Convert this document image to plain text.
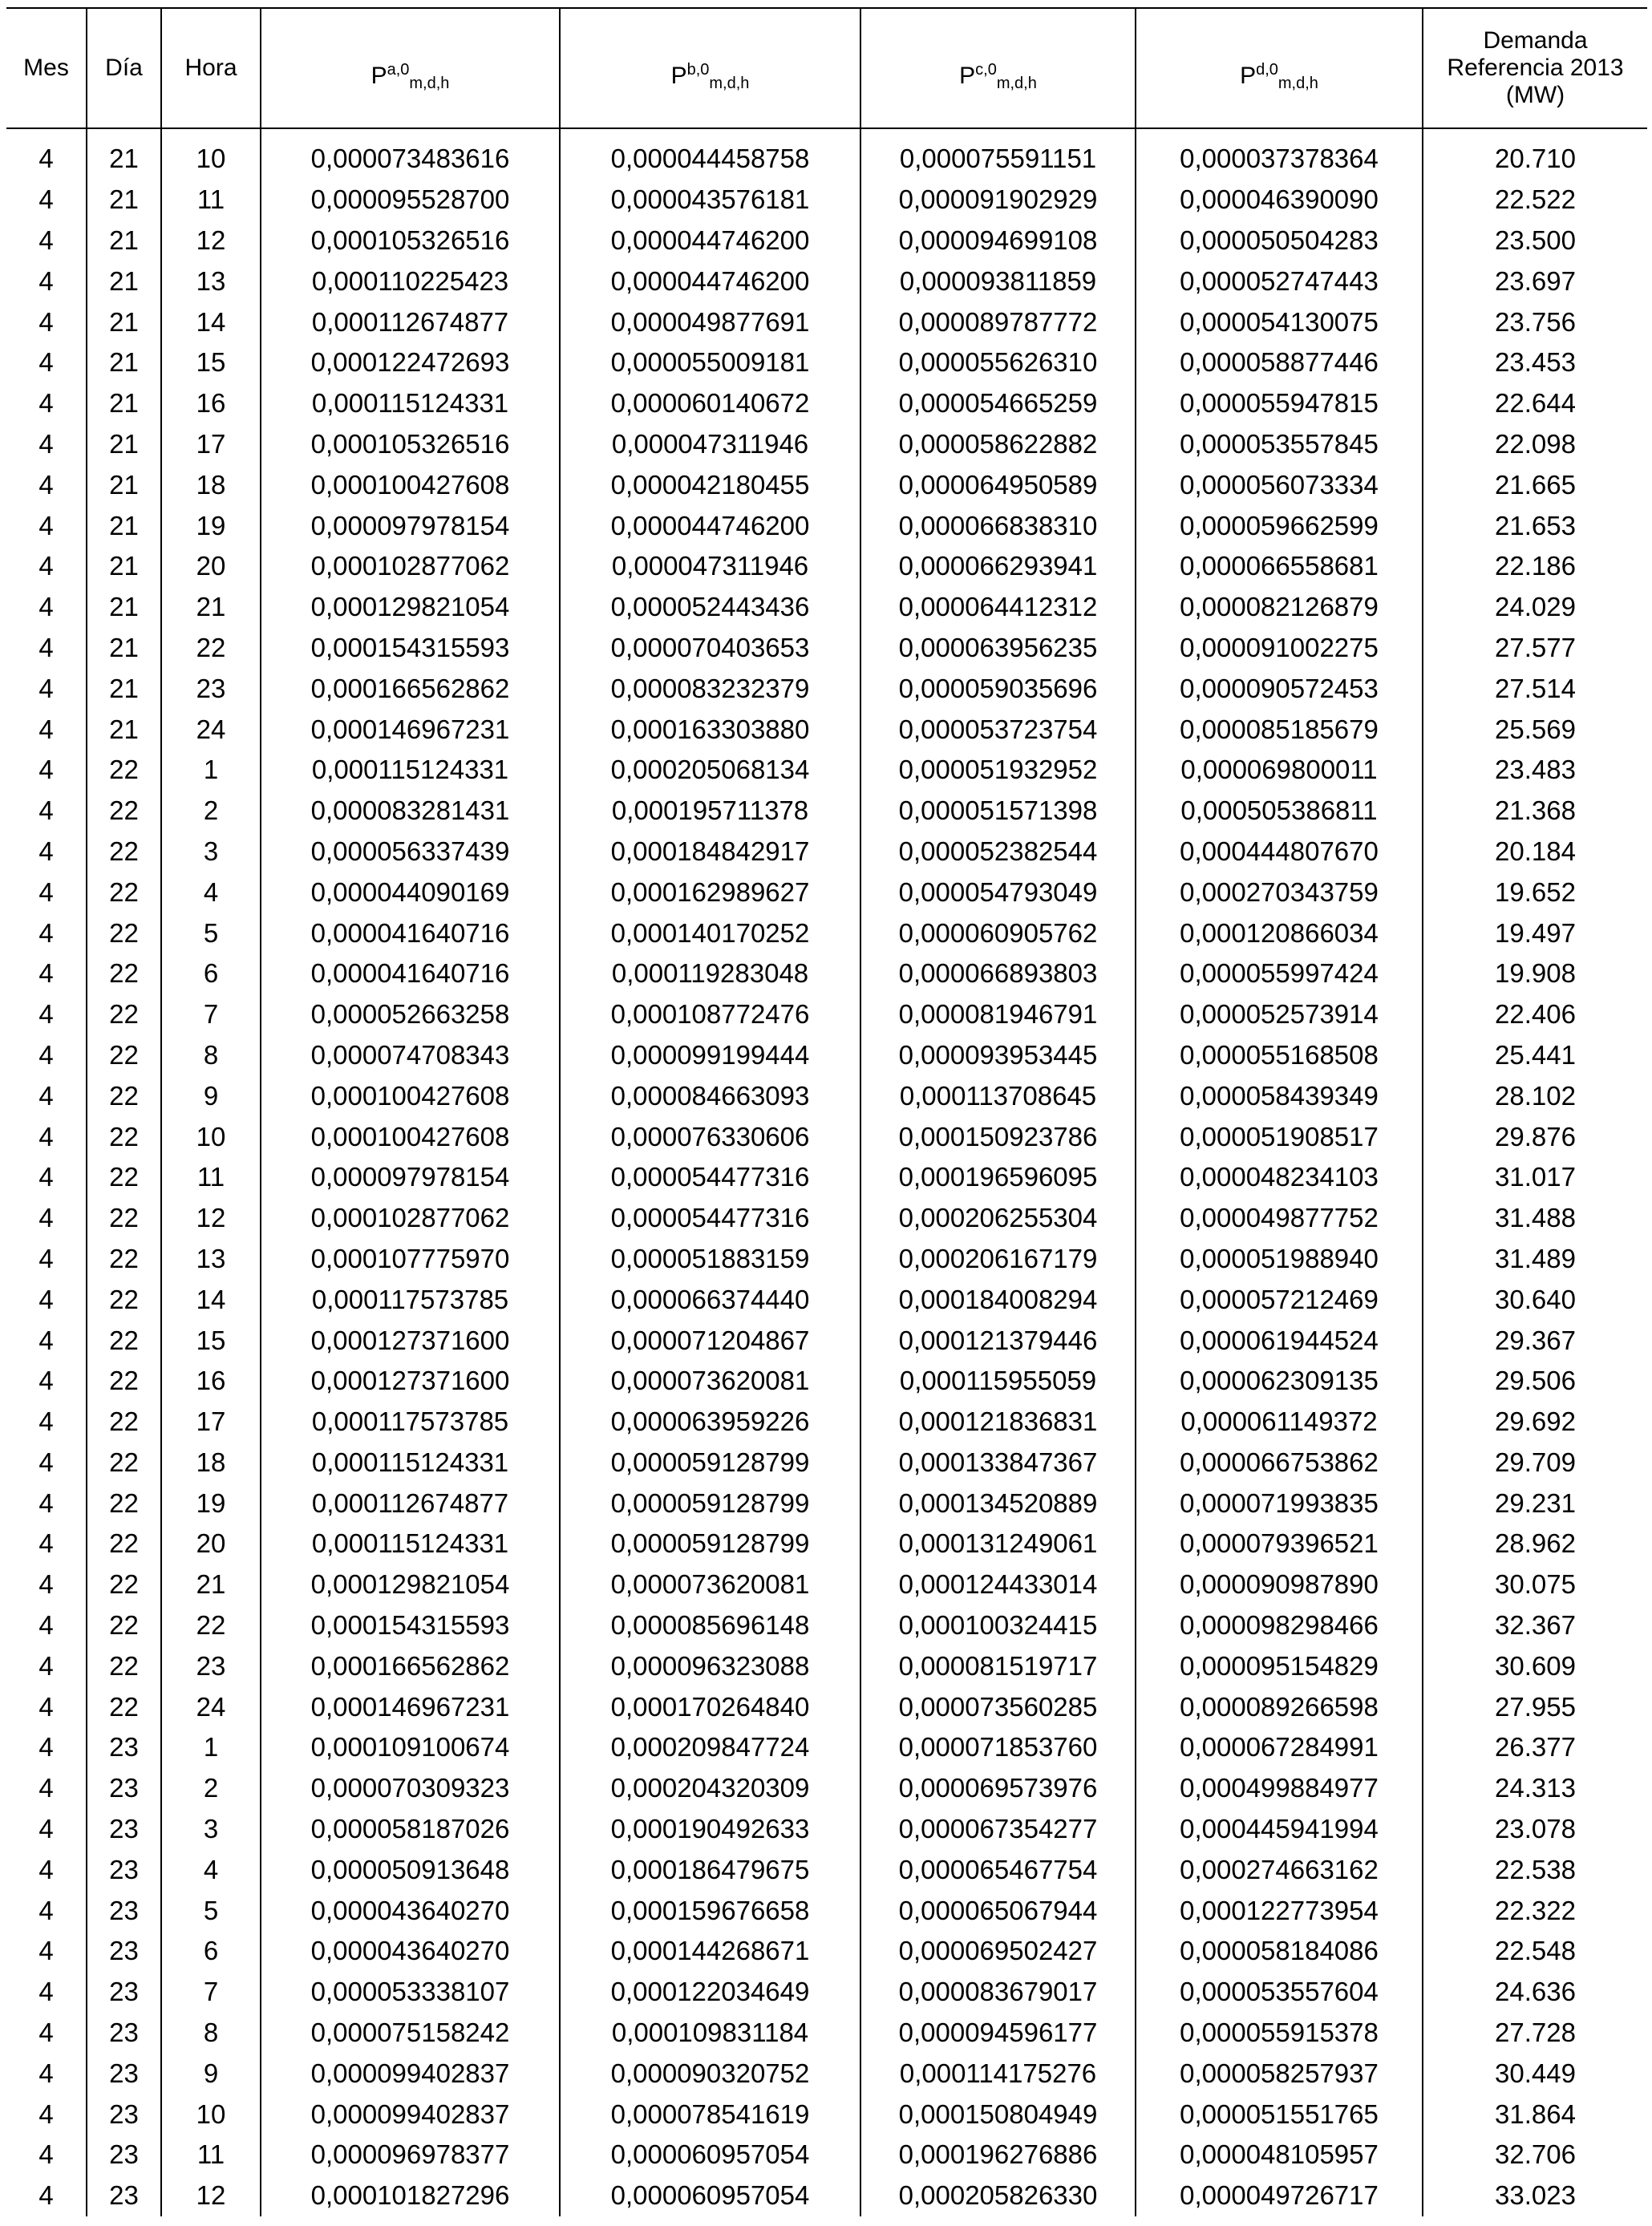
Mes	Día	Hora	P$^{a,0}_{m,d,h}$	P$^{b,0}_{m,d,h}$	P$^{c,0}_{m,d,h}$	P$^{d,0}_{m,d,h}$	Demanda
Referencia 2013
(MW)
4	21	10	0,000073483616	0,000044458758	0,000075591151	0,000037378364	20.710
4	21	11	0,000095528700	0,000043576181	0,000091902929	0,000046390090	22.522
4	21	12	0,000105326516	0,000044746200	0,000094699108	0,000050504283	23.500
4	21	13	0,000110225423	0,000044746200	0,000093811859	0,000052747443	23.697
4	21	14	0,000112674877	0,000049877691	0,000089787772	0,000054130075	23.756
4	21	15	0,000122472693	0,000055009181	0,000055626310	0,000058877446	23.453
4	21	16	0,000115124331	0,000060140672	0,000054665259	0,000055947815	22.644
4	21	17	0,000105326516	0,000047311946	0,000058622882	0,000053557845	22.098
4	21	18	0,000100427608	0,000042180455	0,000064950589	0,000056073334	21.665
4	21	19	0,000097978154	0,000044746200	0,000066838310	0,000059662599	21.653
4	21	20	0,000102877062	0,000047311946	0,000066293941	0,000066558681	22.186
4	21	21	0,000129821054	0,000052443436	0,000064412312	0,000082126879	24.029
4	21	22	0,000154315593	0,000070403653	0,000063956235	0,000091002275	27.577
4	21	23	0,000166562862	0,000083232379	0,000059035696	0,000090572453	27.514
4	21	24	0,000146967231	0,000163303880	0,000053723754	0,000085185679	25.569
4	22	1	0,000115124331	0,000205068134	0,000051932952	0,000069800011	23.483
4	22	2	0,000083281431	0,000195711378	0,000051571398	0,000505386811	21.368
4	22	3	0,000056337439	0,000184842917	0,000052382544	0,000444807670	20.184
4	22	4	0,000044090169	0,000162989627	0,000054793049	0,000270343759	19.652
4	22	5	0,000041640716	0,000140170252	0,000060905762	0,000120866034	19.497
4	22	6	0,000041640716	0,000119283048	0,000066893803	0,000055997424	19.908
4	22	7	0,000052663258	0,000108772476	0,000081946791	0,000052573914	22.406
4	22	8	0,000074708343	0,000099199444	0,000093953445	0,000055168508	25.441
4	22	9	0,000100427608	0,000084663093	0,000113708645	0,000058439349	28.102
4	22	10	0,000100427608	0,000076330606	0,000150923786	0,000051908517	29.876
4	22	11	0,000097978154	0,000054477316	0,000196596095	0,000048234103	31.017
4	22	12	0,000102877062	0,000054477316	0,000206255304	0,000049877752	31.488
4	22	13	0,000107775970	0,000051883159	0,000206167179	0,000051988940	31.489
4	22	14	0,000117573785	0,000066374440	0,000184008294	0,000057212469	30.640
4	22	15	0,000127371600	0,000071204867	0,000121379446	0,000061944524	29.367
4	22	16	0,000127371600	0,000073620081	0,000115955059	0,000062309135	29.506
4	22	17	0,000117573785	0,000063959226	0,000121836831	0,000061149372	29.692
4	22	18	0,000115124331	0,000059128799	0,000133847367	0,000066753862	29.709
4	22	19	0,000112674877	0,000059128799	0,000134520889	0,000071993835	29.231
4	22	20	0,000115124331	0,000059128799	0,000131249061	0,000079396521	28.962
4	22	21	0,000129821054	0,000073620081	0,000124433014	0,000090987890	30.075
4	22	22	0,000154315593	0,000085696148	0,000100324415	0,000098298466	32.367
4	22	23	0,000166562862	0,000096323088	0,000081519717	0,000095154829	30.609
4	22	24	0,000146967231	0,000170264840	0,000073560285	0,000089266598	27.955
4	23	1	0,000109100674	0,000209847724	0,000071853760	0,000067284991	26.377
4	23	2	0,000070309323	0,000204320309	0,000069573976	0,000499884977	24.313
4	23	3	0,000058187026	0,000190492633	0,000067354277	0,000445941994	23.078
4	23	4	0,000050913648	0,000186479675	0,000065467754	0,000274663162	22.538
4	23	5	0,000043640270	0,000159676658	0,000065067944	0,000122773954	22.322
4	23	6	0,000043640270	0,000144268671	0,000069502427	0,000058184086	22.548
4	23	7	0,000053338107	0,000122034649	0,000083679017	0,000053557604	24.636
4	23	8	0,000075158242	0,000109831184	0,000094596177	0,000055915378	27.728
4	23	9	0,000099402837	0,000090320752	0,000114175276	0,000058257937	30.449
4	23	10	0,000099402837	0,000078541619	0,000150804949	0,000051551765	31.864
4	23	11	0,000096978377	0,000060957054	0,000196276886	0,000048105957	32.706
4	23	12	0,000101827296	0,000060957054	0,000205826330	0,000049726717	33.023
